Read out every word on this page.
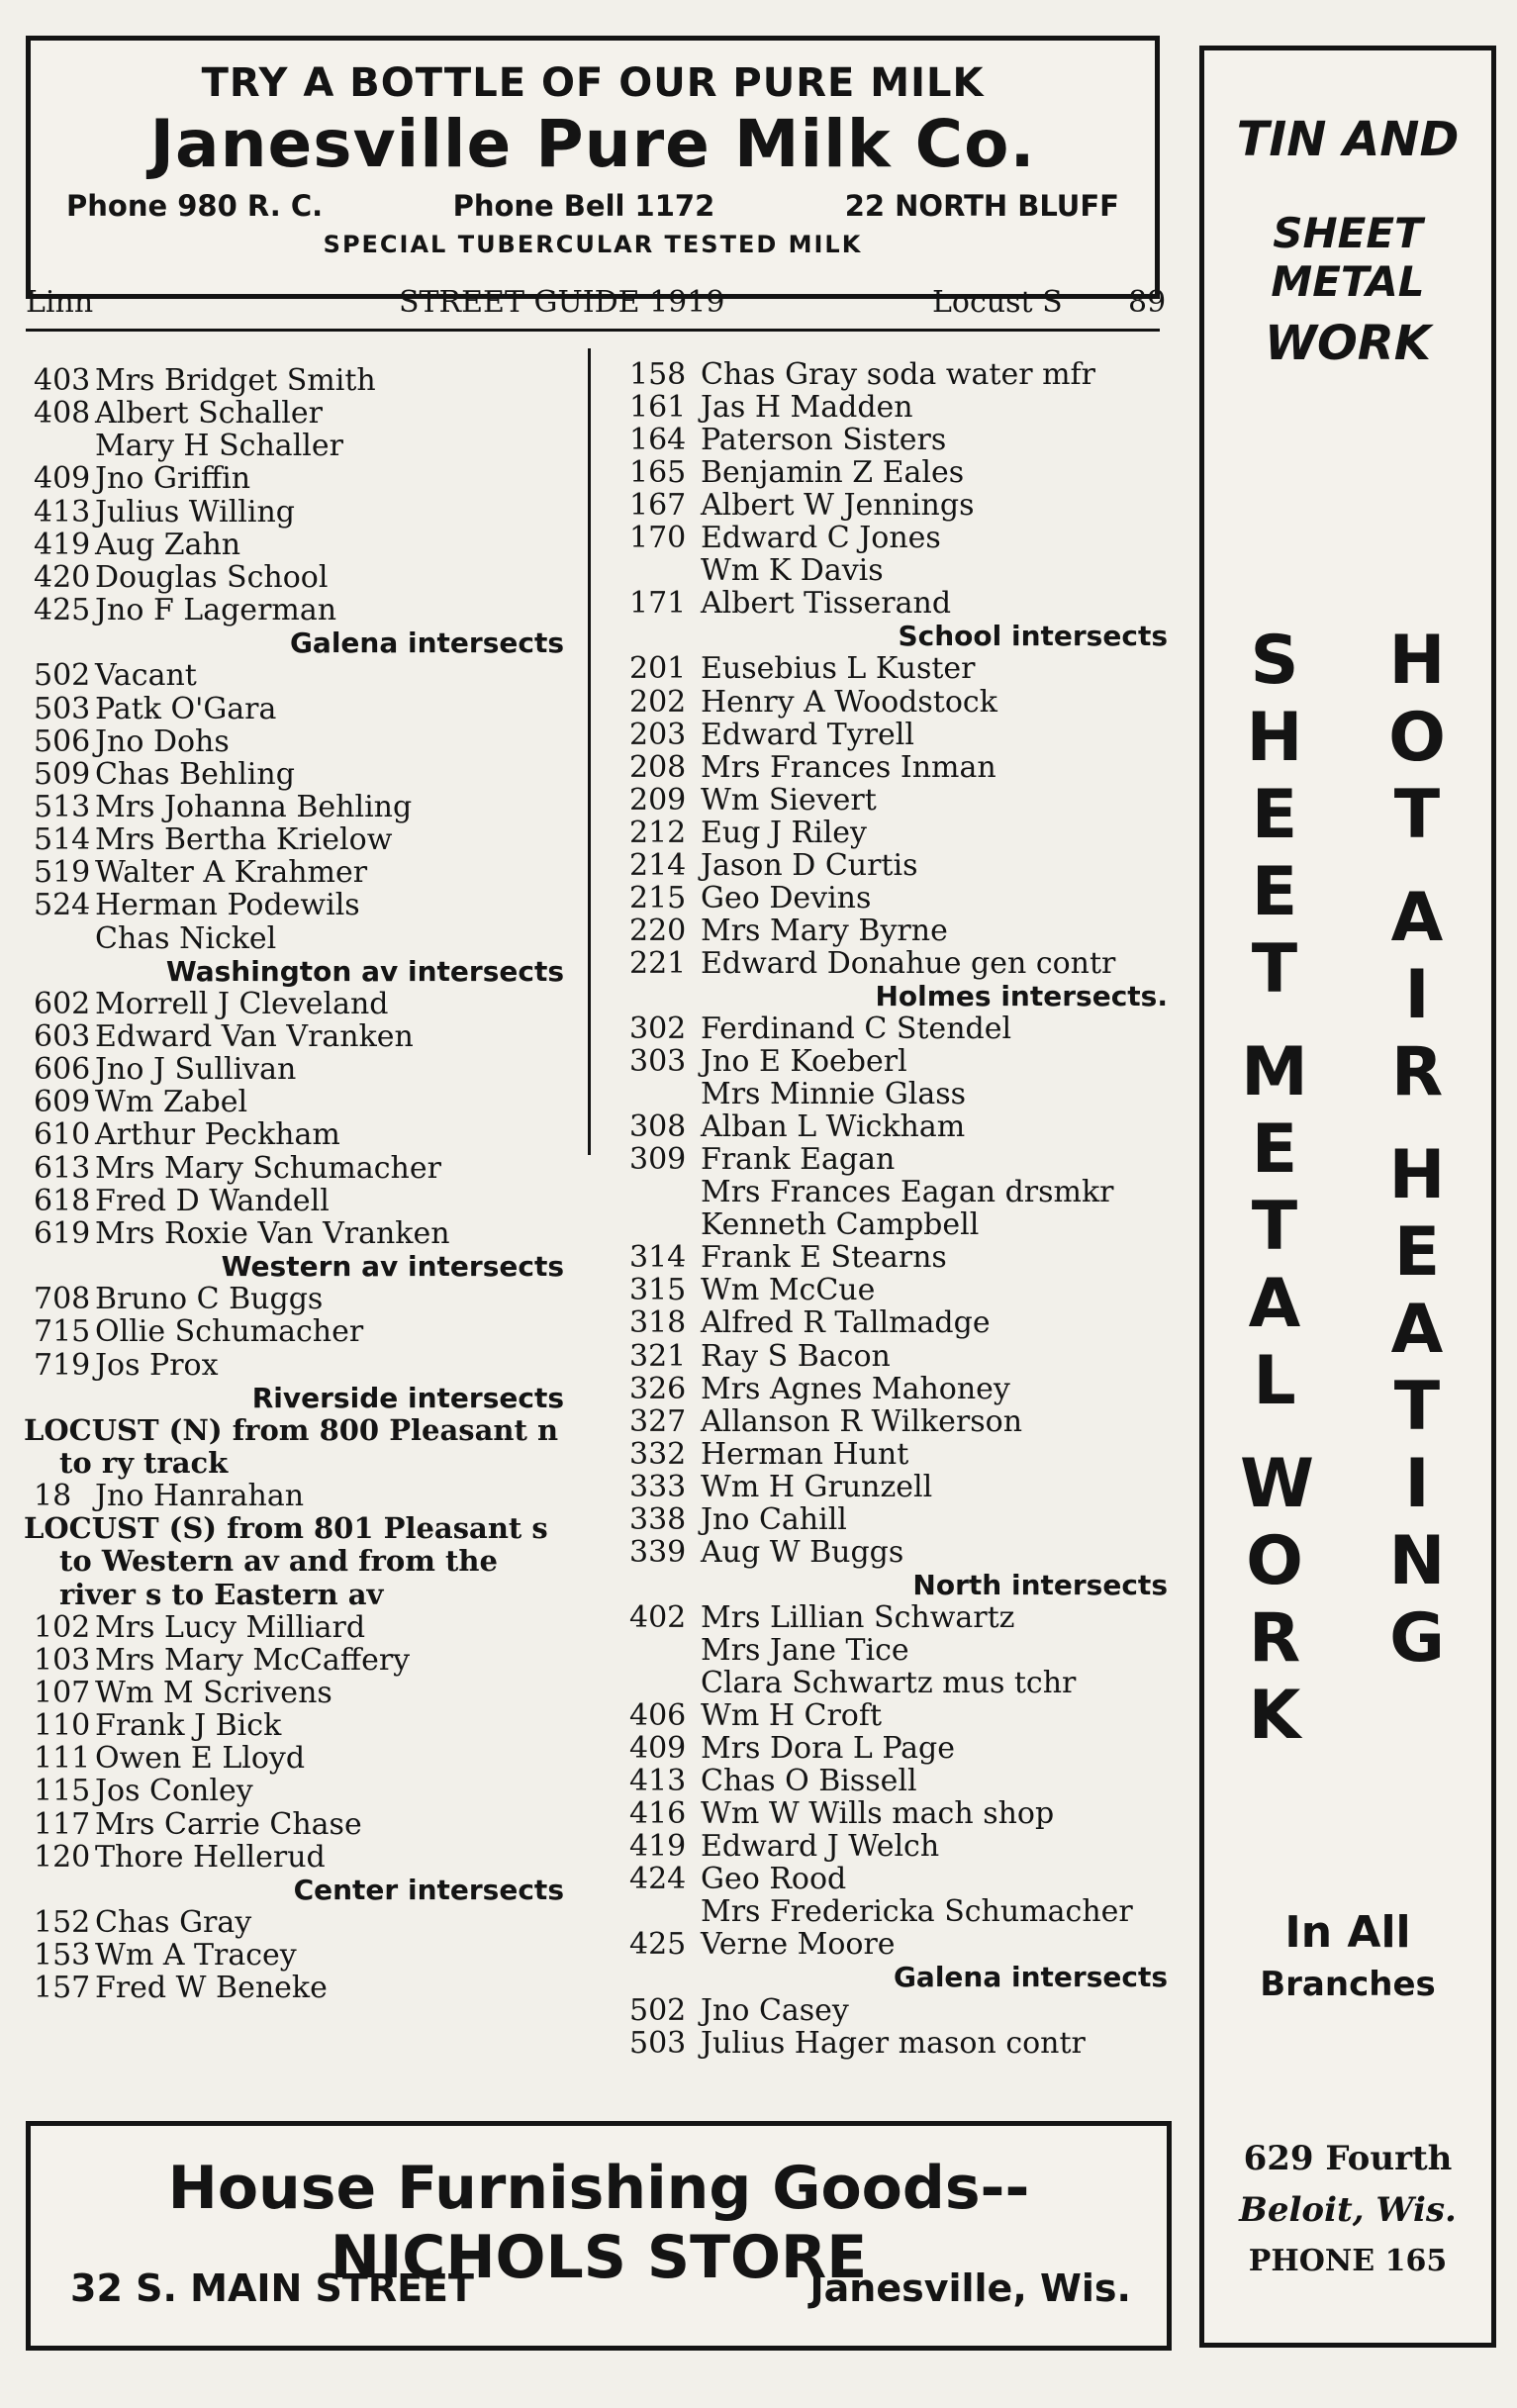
TRY A BOTTLE OF OUR PURE MILK
Janesville Pure Milk Co.
Phone 980 R. C.	Phone Bell 1172	22 NORTH BLUFF
SPECIAL TUBERCULAR TESTED MILK
Linn	STREET GUIDE 1919	Locust S 89
403 Mrs Bridget Smith
408 Albert Schaller
Mary H Schaller
409 Jno Griffin
413 Julius Willing
419 Aug Zahn
420 Douglas School
425 Jno F Lagerman
Galena intersects
502 Vacant
503 Patk O'Gara
506 Jno Dohs
509 Chas Behling
513 Mrs Johanna Behling
514 Mrs Bertha Krielow
519 Walter A Krahmer
524 Herman Podewils
Chas Nickel
Washington av intersects
602 Morrell J Cleveland
603 Edward Van Vranken
606 Jno J Sullivan
609 Wm Zabel
610 Arthur Peckham
613 Mrs Mary Schumacher
618 Fred D Wandell
619 Mrs Roxie Van Vranken
Western av intersects
708 Bruno C Buggs
715 Ollie Schumacher
719 Jos Prox
Riverside intersects
LOCUST (N) from 800 Pleasant n
to ry track
18 Jno Hanrahan
LOCUST (S) from 801 Pleasant s
to Western av and from the
river s to Eastern av
102 Mrs Lucy Milliard
103 Mrs Mary McCaffery
107 Wm M Scrivens
110 Frank J Bick
111 Owen E Lloyd
115 Jos Conley
117 Mrs Carrie Chase
120 Thore Hellerud
Center intersects
152 Chas Gray
153 Wm A Tracey
157 Fred W Beneke
158 Chas Gray soda water mfr
161 Jas H Madden
164 Paterson Sisters
165 Benjamin Z Eales
167 Albert W Jennings
170 Edward C Jones
Wm K Davis
171 Albert Tisserand
School intersects
201 Eusebius L Kuster
202 Henry A Woodstock
203 Edward Tyrell
208 Mrs Frances Inman
209 Wm Sievert
212 Eug J Riley
214 Jason D Curtis
215 Geo Devins
220 Mrs Mary Byrne
221 Edward Donahue gen contr
Holmes intersects.
302 Ferdinand C Stendel
303 Jno E Koeberl
Mrs Minnie Glass
308 Alban L Wickham
309 Frank Eagan
Mrs Frances Eagan drsmkr
Kenneth Campbell
314 Frank E Stearns
315 Wm McCue
318 Alfred R Tallmadge
321 Ray S Bacon
326 Mrs Agnes Mahoney
327 Allanson R Wilkerson
332 Herman Hunt
333 Wm H Grunzell
338 Jno Cahill
339 Aug W Buggs
North intersects
402 Mrs Lillian Schwartz
Mrs Jane Tice
Clara Schwartz mus tchr
406 Wm H Croft
409 Mrs Dora L Page
413 Chas O Bissell
416 Wm W Wills mach shop
419 Edward J Welch
424 Geo Rood
Mrs Fredericka Schumacher
425 Verne Moore
Galena intersects
502 Jno Casey
503 Julius Hager mason contr
TIN AND
SHEET METAL
WORK
S
H
E
E
T
M
E
T
A
L
W
O
R
K
H
O
T
A
I
R
H
E
A
T
I
N
G
In All
Branches
629 Fourth
Beloit, Wis.
PHONE 165
House Furnishing Goods--NICHOLS STORE
32 S. MAIN STREET	Janesville, Wis.
